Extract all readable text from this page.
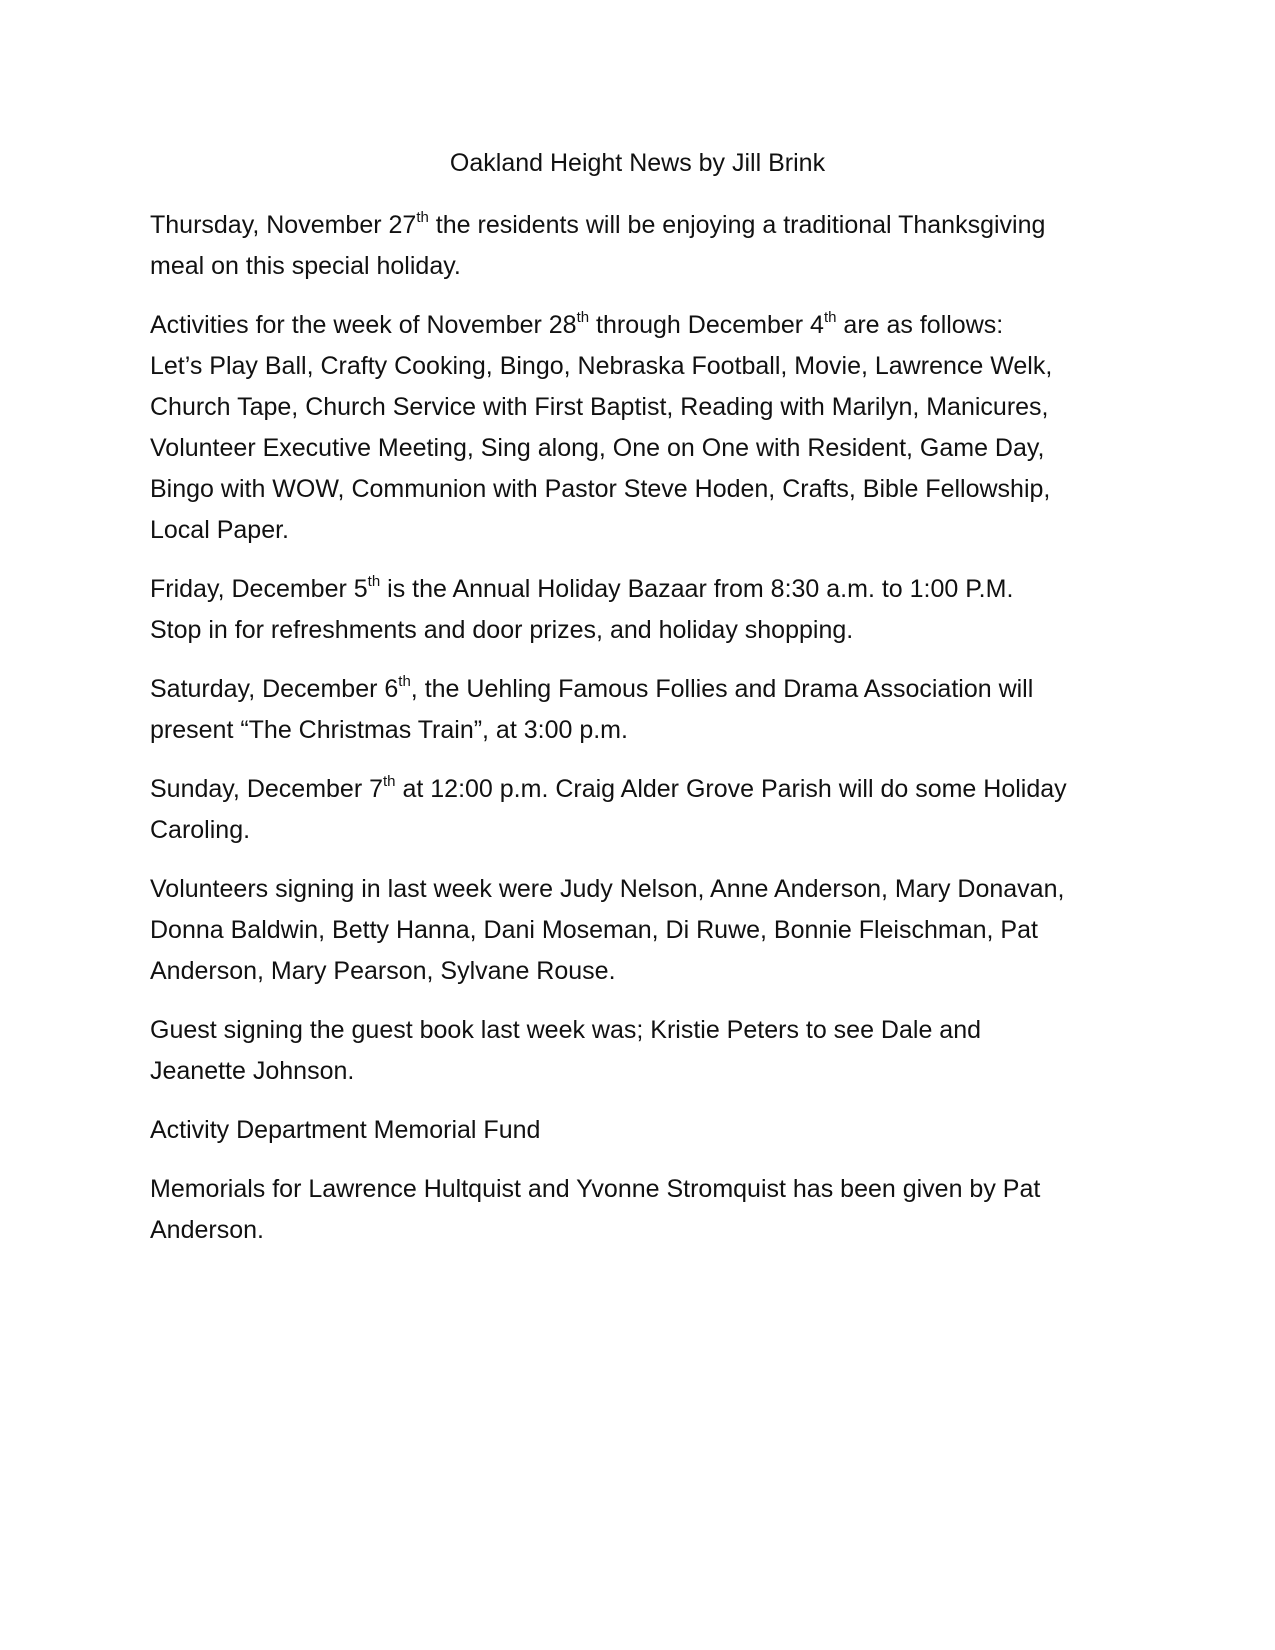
Oakland Height News by Jill Brink

Thursday, November 27th the residents will be enjoying a traditional Thanksgiving
meal on this special holiday.

Activities for the week of November 28th through December 4th are as follows:
Let’s Play Ball, Crafty Cooking, Bingo, Nebraska Football, Movie, Lawrence Welk,
Church Tape, Church Service with First Baptist, Reading with Marilyn, Manicures,
Volunteer Executive Meeting, Sing along, One on One with Resident, Game Day,
Bingo with WOW, Communion with Pastor Steve Hoden, Crafts, Bible Fellowship,
Local Paper.

Friday, December 5th is the Annual Holiday Bazaar from 8:30 a.m. to 1:00 P.M.
Stop in for refreshments and door prizes, and holiday shopping.

Saturday, December 6th, the Uehling Famous Follies and Drama Association will
present “The Christmas Train”, at 3:00 p.m.

Sunday, December 7th at 12:00 p.m. Craig Alder Grove Parish will do some Holiday
Caroling.

Volunteers signing in last week were Judy Nelson, Anne Anderson, Mary Donavan,
Donna Baldwin, Betty Hanna, Dani Moseman, Di Ruwe, Bonnie Fleischman, Pat
Anderson, Mary Pearson, Sylvane Rouse.

Guest signing the guest book last week was; Kristie Peters to see Dale and
Jeanette Johnson.

Activity Department Memorial Fund

Memorials for Lawrence Hultquist and Yvonne Stromquist has been given by Pat
Anderson.
